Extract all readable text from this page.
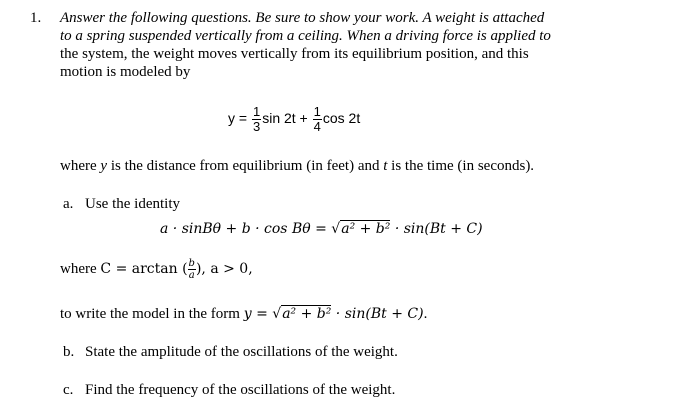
1. Answer the following questions. Be sure to show your work. A weight is attached
to a spring suspended vertically from a ceiling. When a driving force is applied to
the system, the weight moves vertically from its equilibrium position, and this
motion is modeled by
$y = \frac{1}{3}$ $\sin 2t + \frac{1}{4}$ cos 2t
where y is the distance from equilibrium (in feet) and t is the time (in seconds).
a. Use the identity
a · sinBθ + b · cos Bθ = √a² + b² · sin(Bt + C)
where C = arctan ( $\frac{b}{a}$ ), a > 0,
to write the model in the form y = √a² + b² · sin(Bt + C).
b. State the amplitude of the oscillations of the weight.
c. Find the frequency of the oscillations of the weight.
